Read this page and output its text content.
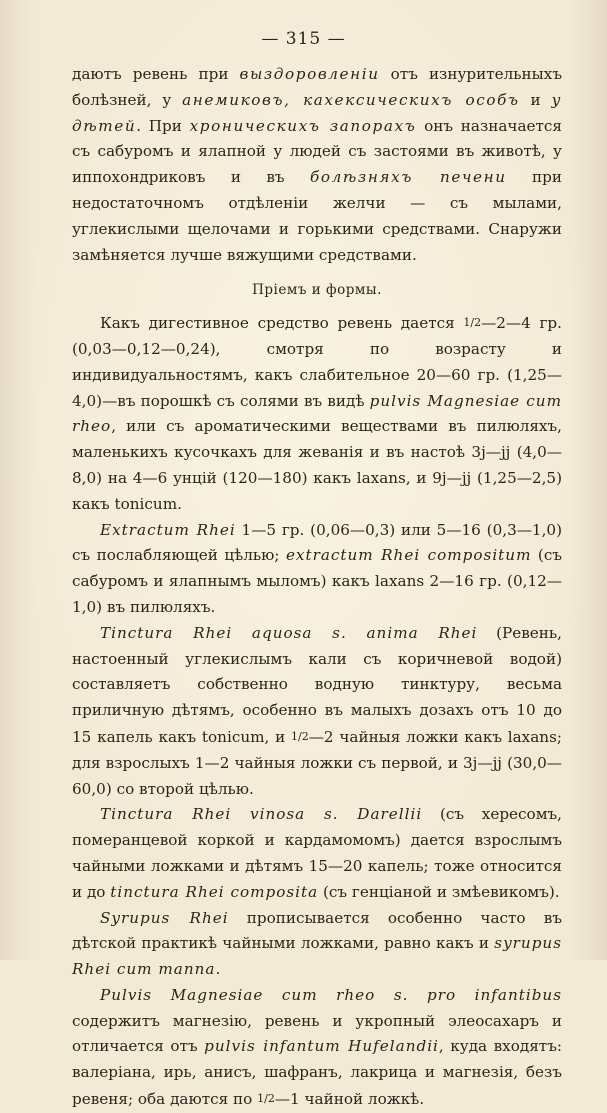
— 315 —

даютъ ревень при выздоровленіи отъ изнурительныхъ болѣзней, у анемиковъ, кахексическихъ особъ и у дѣтей. При хроническихъ запорахъ онъ назначается съ сабуромъ и ялапной у людей съ застоями въ животѣ, у иппохондриковъ и въ болѣзняхъ печени при недостаточномъ отдѣленіи желчи — съ мылами, углекислыми щелочами и горькими средствами. Снаружи замѣняется лучше вяжущими средствами.

Пріемъ и формы.

Какъ дигестивное средство ревень дается 1/2—2—4 гр. (0,03—0,12—0,24), смотря по возрасту и индивидуальностямъ, какъ слабительное 20—60 гр. (1,25—4,0)—въ порошкѣ съ солями въ видѣ pulvis Magnesiae cum rheo, или съ ароматическими веществами въ пилюляхъ, маленькихъ кусочкахъ для жеванія и въ настоѣ 3j—jj (4,0—8,0) на 4—6 унцій (120—180) какъ laxans, и 9j—jj (1,25—2,5) какъ tonicum.

Extractum Rhei 1—5 гр. (0,06—0,3) или 5—16 (0,3—1,0) съ послабляющей цѣлью; extractum Rhei compositum (съ сабуромъ и ялапнымъ мыломъ) какъ laxans 2—16 гр. (0,12—1,0) въ пилюляхъ.

Tinctura Rhei aquosa s. anima Rhei (Ревень, настоенный углекислымъ кали съ коричневой водой) составляетъ собственно водную тинктуру, весьма приличную дѣтямъ, особенно въ малыхъ дозахъ отъ 10 до 15 капель какъ tonicum, и 1/2—2 чайныя ложки какъ laxans; для взрослыхъ 1—2 чайныя ложки съ первой, и 3j—jj (30,0—60,0) со второй цѣлью.

Tinctura Rhei vinosa s. Darellii (съ хересомъ, померанцевой коркой и кардамомомъ) дается взрослымъ чайными ложками и дѣтямъ 15—20 капель; тоже относится и до tinctura Rhei composita (съ генціаной и змѣевикомъ).

Syrupus Rhei прописывается особенно часто въ дѣтской практикѣ чайными ложками, равно какъ и syrupus Rhei cum manna.

Pulvis Magnesiae cum rheo s. pro infantibus содержитъ магнезію, ревень и укропный элеосахаръ и отличается отъ pulvis infantum Hufelandii, куда входятъ: валеріана, ирь, анисъ, шафранъ, лакрица и магнезія, безъ ревеня; оба даются по 1/2—1 чайной ложкѣ.
